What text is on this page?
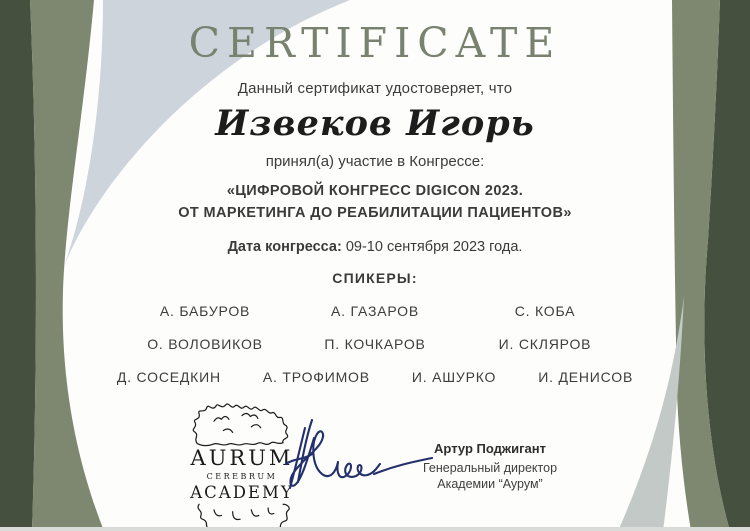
CERTIFICATE

Данный сертификат удостоверяет, что

Извеков Игорь

принял(а) участие в Конгрессе:

«ЦИФРОВОЙ КОНГРЕСС DIGICON 2023.
ОТ МАРКЕТИНГА ДО РЕАБИЛИТАЦИИ ПАЦИЕНТОВ»

Дата конгресса: 09-10 сентября 2023 года.

СПИКЕРЫ:

А. БАБУРОВ	А. ГАЗАРОВ	С. КОБА
О. ВОЛОВИКОВ	П. КОЧКАРОВ	И. СКЛЯРОВ
Д. СОСЕДКИН	А. ТРОФИМОВ	И. АШУРКО	И. ДЕНИСОВ
AURUM
CEREBRUM
ACADEMY
Артур Поджигант
Генеральный директор
Академии “Аурум”
